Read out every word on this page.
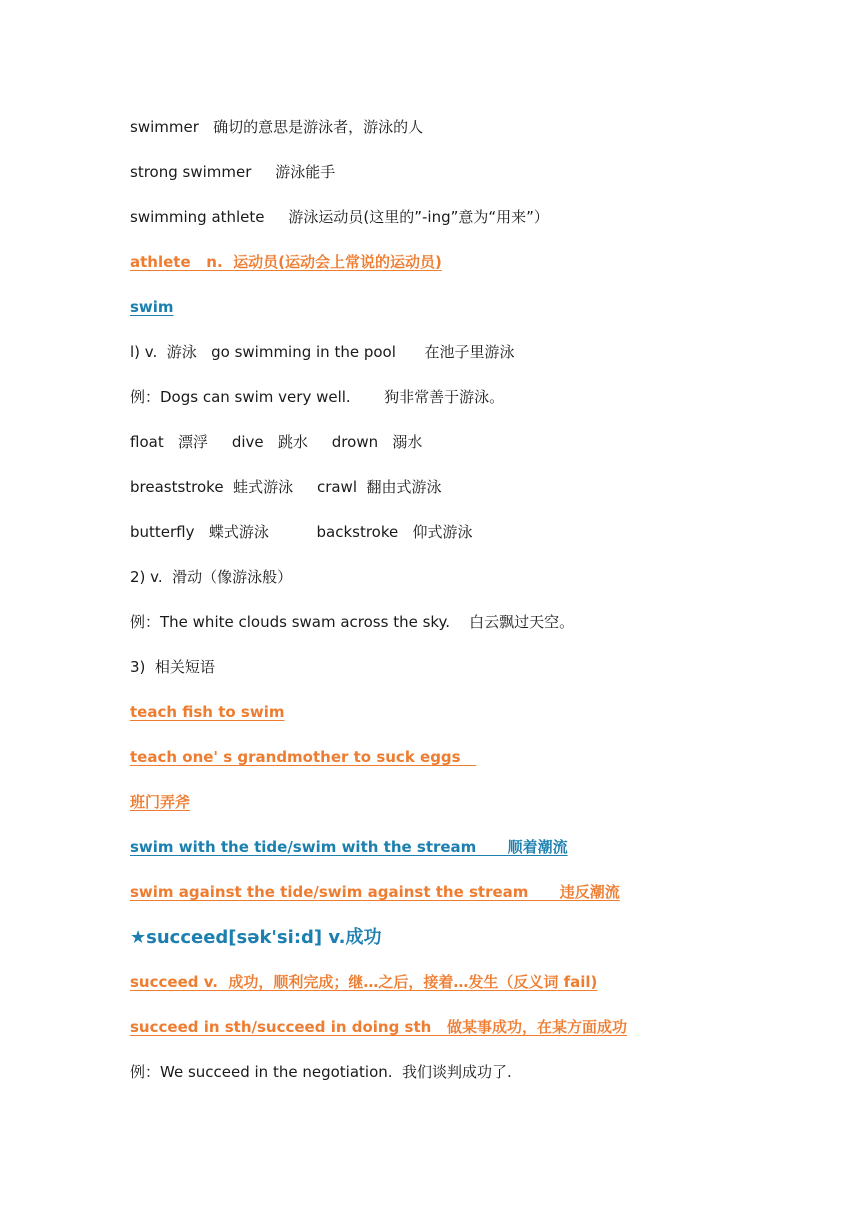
swimmer   确切的意思是游泳者，游泳的人
strong swimmer     游泳能手
swimming athlete     游泳运动员(这里的”-ing”意为“用来”）
athlete   n.  运动员(运动会上常说的运动员)
swim
l) v.  游泳   go swimming in the pool      在池子里游泳
例：Dogs can swim very well.       狗非常善于游泳。
float   漂浮     dive   跳水     drown   溺水
breaststroke  蛙式游泳     crawl  翻由式游泳
butterfly   蝶式游泳          backstroke   仰式游泳
2) v.  滑动（像游泳般）
例：The white clouds swam across the sky.    白云飘过天空。
3)  相关短语
teach fish to swim
teach one' s grandmother to suck eggs
班门弄斧
swim with the tide/swim with the stream      顺着潮流
swim against the tide/swim against the stream      违反潮流
★succeed[sək'si:d] v.成功
succeed v.  成功，顺利完成；继…之后，接着…发生（反义词 fail)
succeed in sth/succeed in doing sth   做某事成功，在某方面成功
例：We succeed in the negotiation.  我们谈判成功了.
